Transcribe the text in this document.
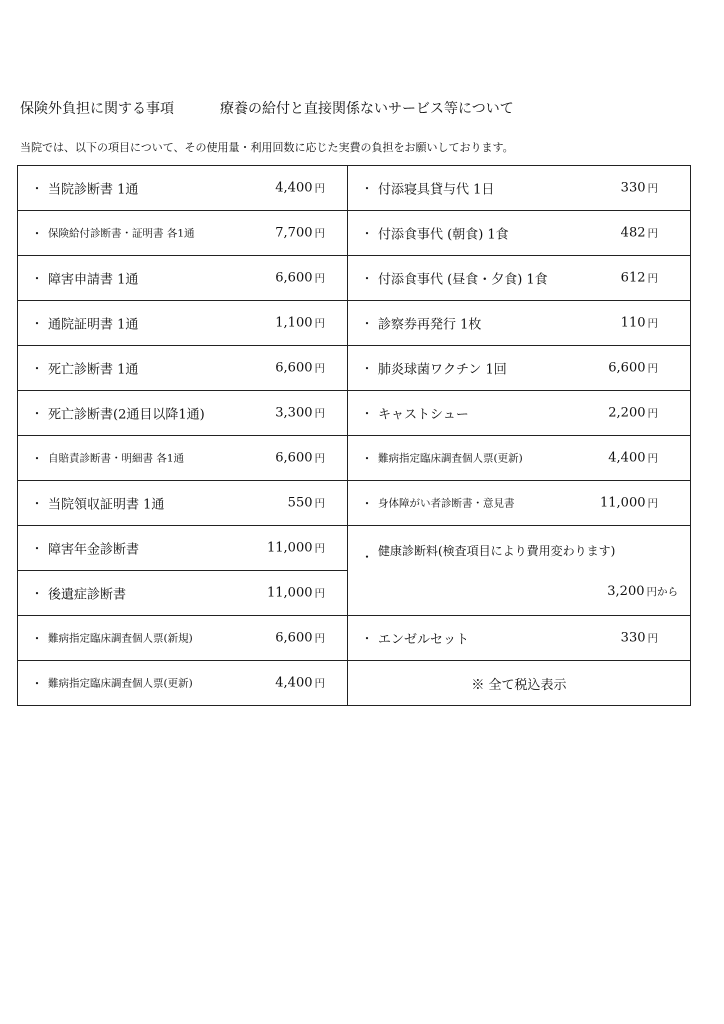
保険外負担に関する事項	療養の給付と直接関係ないサービス等について
当院では、以下の項目について、その使用量・利用回数に応じた実費の負担をお願いしております。
・ 当院診断書 1通 4,400 円	・ 付添寝具貸与代 1日 330 円

・ 保険給付診断書・証明書 各1通 7,700 円	・ 付添食事代 (朝食) 1食 482 円

・ 障害申請書 1通 6,600 円	・ 付添食事代 (昼食・夕食) 1食 612 円

・ 通院証明書 1通 1,100 円	・ 診察券再発行 1枚 110 円

・ 死亡診断書 1通 6,600 円	・ 肺炎球菌ワクチン 1回 6,600 円

・ 死亡診断書(2通目以降1通) 3,300 円	・ キャストシュー 2,200 円

・ 自賠責診断書・明細書 各1通 6,600 円	・ 難病指定臨床調査個人票(更新) 4,400 円

・ 当院領収証明書 1通 550 円	・ 身体障がい者診断書・意見書 11,000 円

・ 障害年金診断書 11,000 円	・ 健康診断料(検査項目により費用変わります)
3,200 円から

・ 後遺症診断書 11,000 円	

・ 難病指定臨床調査個人票(新規) 6,600 円	・ エンゼルセット 330 円

・ 難病指定臨床調査個人票(更新) 4,400 円	※ 全て税込表示
